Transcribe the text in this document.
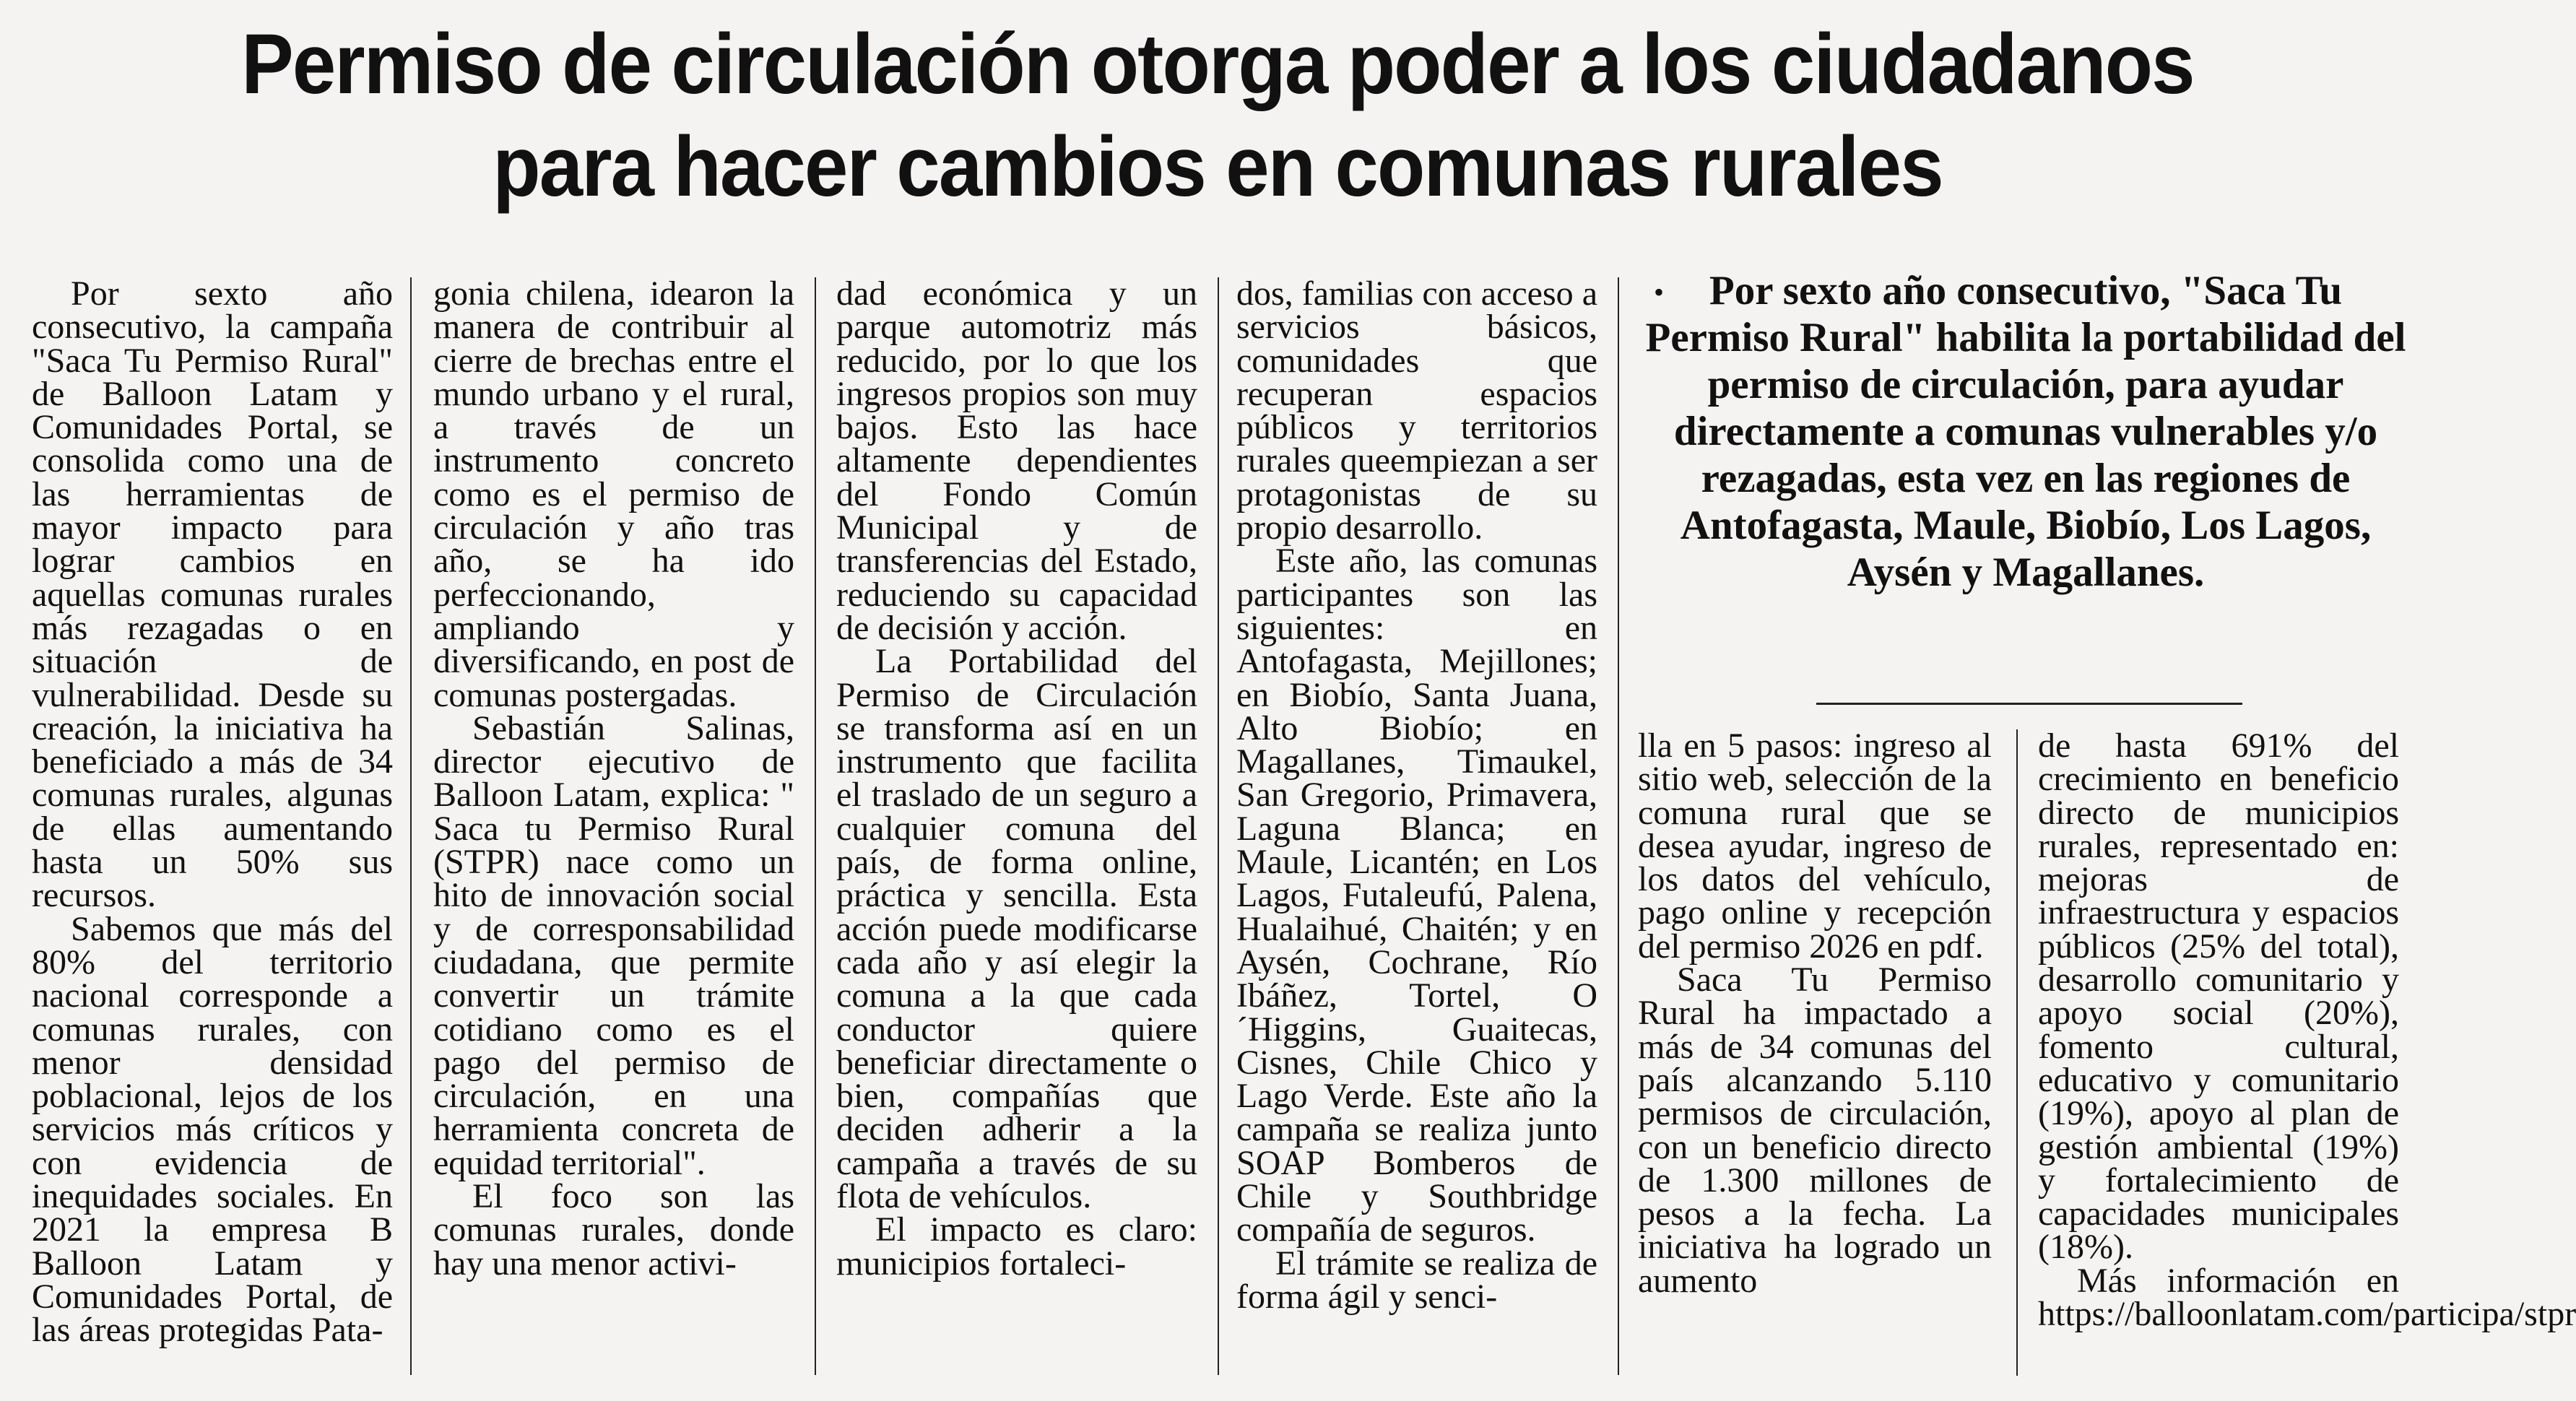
Permiso de circulación otorga poder a los ciudadanos
para hacer cambios en comunas rurales

Por sexto año consecutivo, la campaña "Saca Tu Permiso Rural" de Balloon Latam y Comunidades Portal, se consolida como una de las herramientas de mayor impacto para lograr cambios en aquellas comunas rurales más rezagadas o en situación de vulnerabilidad. Desde su creación, la iniciativa ha beneficiado a más de 34 comunas rurales, algunas de ellas aumentando hasta un 50% sus recursos.

Sabemos que más del 80% del territorio nacional corresponde a comunas rurales, con menor densidad poblacional, lejos de los servicios más críticos y con evidencia de inequidades sociales. En 2021 la empresa B Balloon Latam y Comunidades Portal, de las áreas protegidas Pata-

gonia chilena, idearon la manera de contribuir al cierre de brechas entre el mundo urbano y el rural, a través de un instrumento concreto como es el permiso de circulación y año tras año, se ha ido perfeccionando, ampliando y diversificando, en post de comunas postergadas.

Sebastián Salinas, director ejecutivo de Balloon Latam, explica: " Saca tu Permiso Rural (STPR) nace como un hito de innovación social y de corresponsabilidad ciudadana, que permite convertir un trámite cotidiano como es el pago del permiso de circulación, en una herramienta concreta de equidad territorial".

El foco son las comunas rurales, donde hay una menor activi-

dad económica y un parque automotriz más reducido, por lo que los ingresos propios son muy bajos. Esto las hace altamente dependientes del Fondo Común Municipal y de transferencias del Estado, reduciendo su capacidad de decisión y acción.

La Portabilidad del Permiso de Circulación se transforma así en un instrumento que facilita el traslado de un seguro a cualquier comuna del país, de forma online, práctica y sencilla. Esta acción puede modificarse cada año y así elegir la comuna a la que cada conductor quiere beneficiar directamente o bien, compañías que deciden adherir a la campaña a través de su flota de vehículos.

El impacto es claro: municipios fortaleci-

dos, familias con acceso a servicios básicos, comunidades que recuperan espacios públicos y territorios rurales queempiezan a ser protagonistas de su propio desarrollo.

Este año, las comunas participantes son las siguientes: en Antofagasta, Mejillones; en Biobío, Santa Juana, Alto Biobío; en Magallanes, Timaukel, San Gregorio, Primavera, Laguna Blanca; en Maule, Licantén; en Los Lagos, Futaleufú, Palena, Hualaihué, Chaitén; y en Aysén, Cochrane, Río Ibáñez, Tortel, O´Higgins, Guaitecas, Cisnes, Chile Chico y Lago Verde. Este año la campaña se realiza junto SOAP Bomberos de Chile y Southbridge compañía de seguros.

El trámite se realiza de forma ágil y senci-

•	Por sexto año consecutivo, "Saca Tu Permiso Rural" habilita la portabilidad del permiso de circulación, para ayudar directamente a comunas vulnerables y/o rezagadas, esta vez en las regiones de Antofagasta, Maule, Biobío, Los Lagos, Aysén y Magallanes.

lla en 5 pasos: ingreso al sitio web, selección de la comuna rural que se desea ayudar, ingreso de los datos del vehículo, pago online y recepción del permiso 2026 en pdf.

Saca Tu Permiso Rural ha impactado a más de 34 comunas del país alcanzando 5.110 permisos de circulación, con un beneficio directo de 1.300 millones de pesos a la fecha. La iniciativa ha logrado un aumento

de hasta 691% del crecimiento en beneficio directo de municipios rurales, representado en: mejoras de infraestructura y espacios públicos (25% del total), desarrollo comunitario y apoyo social (20%), fomento cultural, educativo y comunitario (19%), apoyo al plan de gestión ambiental (19%) y fortalecimiento de capacidades municipales (18%).

Más información en https://balloonlatam.com/participa/stpr
